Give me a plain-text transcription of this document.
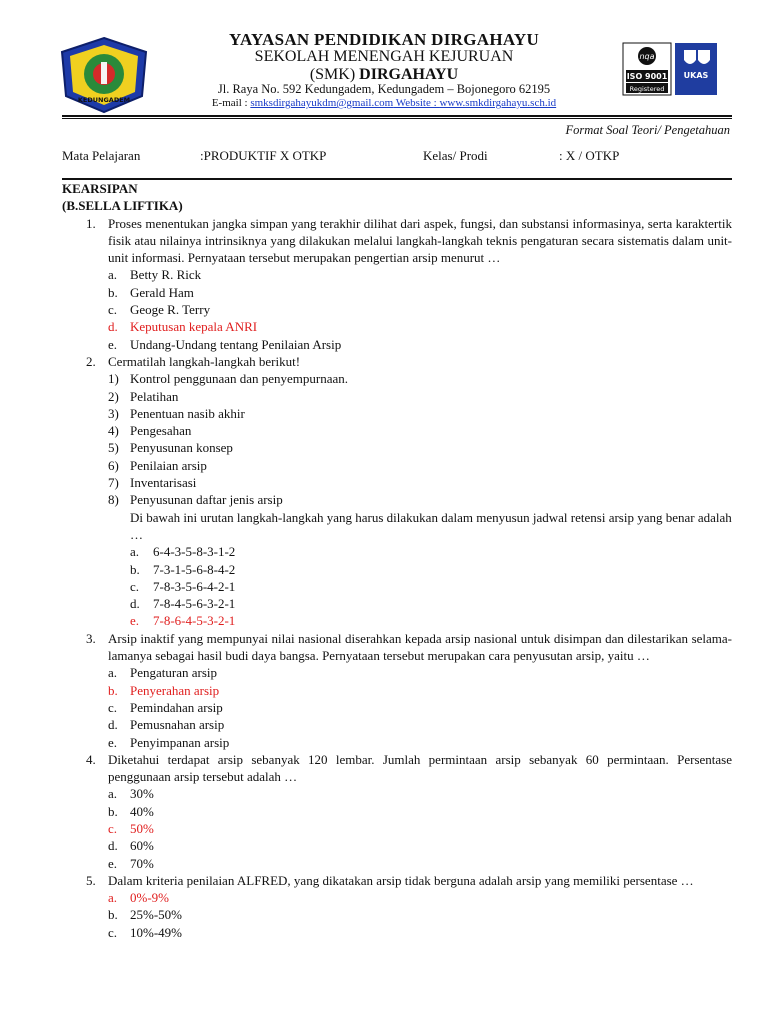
KEDUNGADEM
YAYASAN PENDIDIKAN DIRGAHAYU
SEKOLAH MENENGAH KEJURUAN
(SMK) DIRGAHAYU
Jl. Raya No. 592 Kedungadem, Kedungadem – Bojonegoro 62195
E-mail : smksdirgahayukdm@gmail.com Website : www.smkdirgahayu.sch.id
nqa
ISO 9001
Registered
UKAS
Format Soal Teori/ Pengetahuan
Mata Pelajaran	:PRODUKTIF X OTKP	Kelas/ Prodi	: X / OTKP
KEARSIPAN
(B.SELLA LIFTIKA)
1. Proses menentukan jangka simpan yang terakhir dilihat dari aspek, fungsi, dan substansi informasinya, serta karaktertik fisik atau nilainya intrinsiknya yang dilakukan melalui langkah-langkah teknis pengaturan secara sistematis dalam unit-unit informasi. Pernyataan tersebut merupakan pengertian arsip menurut …
a. Betty R. Rick
b. Gerald Ham
c. Geoge R. Terry
d. Keputusan kepala ANRI
e. Undang-Undang tentang Penilaian Arsip
2. Cermatilah langkah-langkah berikut!
1) Kontrol penggunaan dan penyempurnaan.
2) Pelatihan
3) Penentuan nasib akhir
4) Pengesahan
5) Penyusunan konsep
6) Penilaian arsip
7) Inventarisasi
8) Penyusunan daftar jenis arsip
Di bawah ini urutan langkah-langkah yang harus dilakukan dalam menyusun jadwal retensi arsip yang benar adalah …
a. 6-4-3-5-8-3-1-2
b. 7-3-1-5-6-8-4-2
c. 7-8-3-5-6-4-2-1
d. 7-8-4-5-6-3-2-1
e. 7-8-6-4-5-3-2-1
3. Arsip inaktif yang mempunyai nilai nasional diserahkan kepada arsip nasional untuk disimpan dan dilestarikan selama-lamanya sebagai hasil budi daya bangsa. Pernyataan tersebut merupakan cara penyusutan arsip, yaitu …
a. Pengaturan arsip
b. Penyerahan arsip
c. Pemindahan arsip
d. Pemusnahan arsip
e. Penyimpanan arsip
4. Diketahui terdapat arsip sebanyak 120 lembar. Jumlah permintaan arsip sebanyak 60 permintaan. Persentase penggunaan arsip tersebut adalah …
a. 30%
b. 40%
c. 50%
d. 60%
e. 70%
5. Dalam kriteria penilaian ALFRED, yang dikatakan arsip tidak berguna adalah arsip yang memiliki persentase …
a. 0%-9%
b. 25%-50%
c. 10%-49%
